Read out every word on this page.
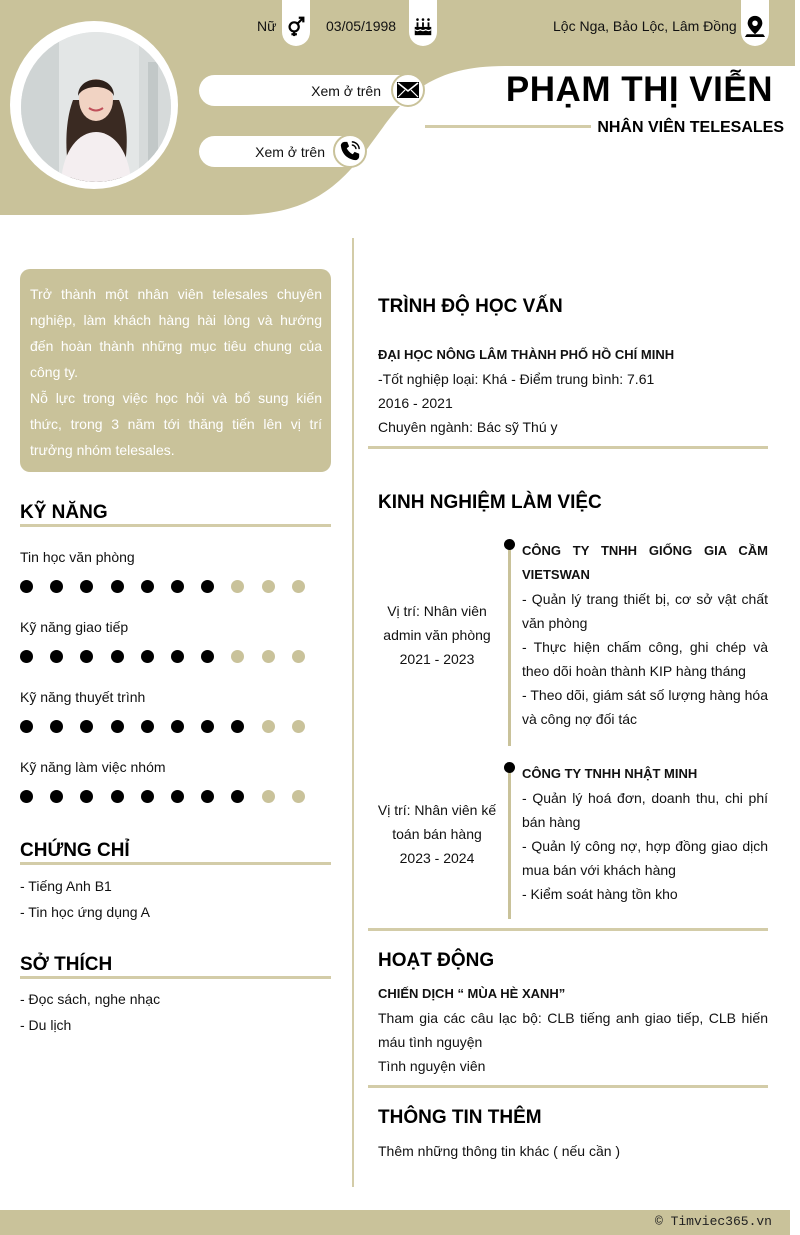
Nữ	03/05/1998	Lộc Nga, Bảo Lộc, Lâm Đồng
Xem ở trên
Xem ở trên
PHẠM THỊ VIỄN
NHÂN VIÊN TELESALES
Trở thành một nhân viên telesales chuyên nghiệp, làm khách hàng hài lòng và hướng đến hoàn thành những mục tiêu chung của công ty.
Nỗ lực trong việc học hỏi và bổ sung kiến thức, trong 3 năm tới thăng tiến lên vị trí trưởng nhóm telesales.
KỸ NĂNG
Tin học văn phòng
Kỹ năng giao tiếp
Kỹ năng thuyết trình
Kỹ năng làm việc nhóm
CHỨNG CHỈ
- Tiếng Anh B1
- Tin học ứng dụng A
SỞ THÍCH
- Đọc sách, nghe nhạc
- Du lịch
TRÌNH ĐỘ HỌC VẤN
ĐẠI HỌC NÔNG LÂM THÀNH PHỐ HỒ CHÍ MINH
-Tốt nghiệp loại: Khá - Điểm trung bình: 7.61
2016 - 2021
Chuyên ngành: Bác sỹ Thú y
KINH NGHIỆM LÀM VIỆC
Vị trí: Nhân viên admin văn phòng
2021 - 2023
CÔNG TY TNHH GIỐNG GIA CẦM VIETSWAN
- Quản lý trang thiết bị, cơ sở vật chất văn phòng
- Thực hiện chấm công, ghi chép và theo dõi hoàn thành KIP hàng tháng
- Theo dõi, giám sát số lượng hàng hóa và công nợ đối tác
Vị trí: Nhân viên kế toán bán hàng
2023 - 2024
CÔNG TY TNHH NHẬT MINH
- Quản lý hoá đơn, doanh thu, chi phí bán hàng
- Quản lý công nợ, hợp đồng giao dịch mua bán với khách hàng
- Kiểm soát hàng tồn kho
HOẠT ĐỘNG
CHIẾN DỊCH “ MÙA HÈ XANH”
Tham gia các câu lạc bộ: CLB tiếng anh giao tiếp, CLB hiến máu tình nguyện
Tình nguyện viên
THÔNG TIN THÊM
Thêm những thông tin khác ( nếu cần )
© Timviec365.vn
